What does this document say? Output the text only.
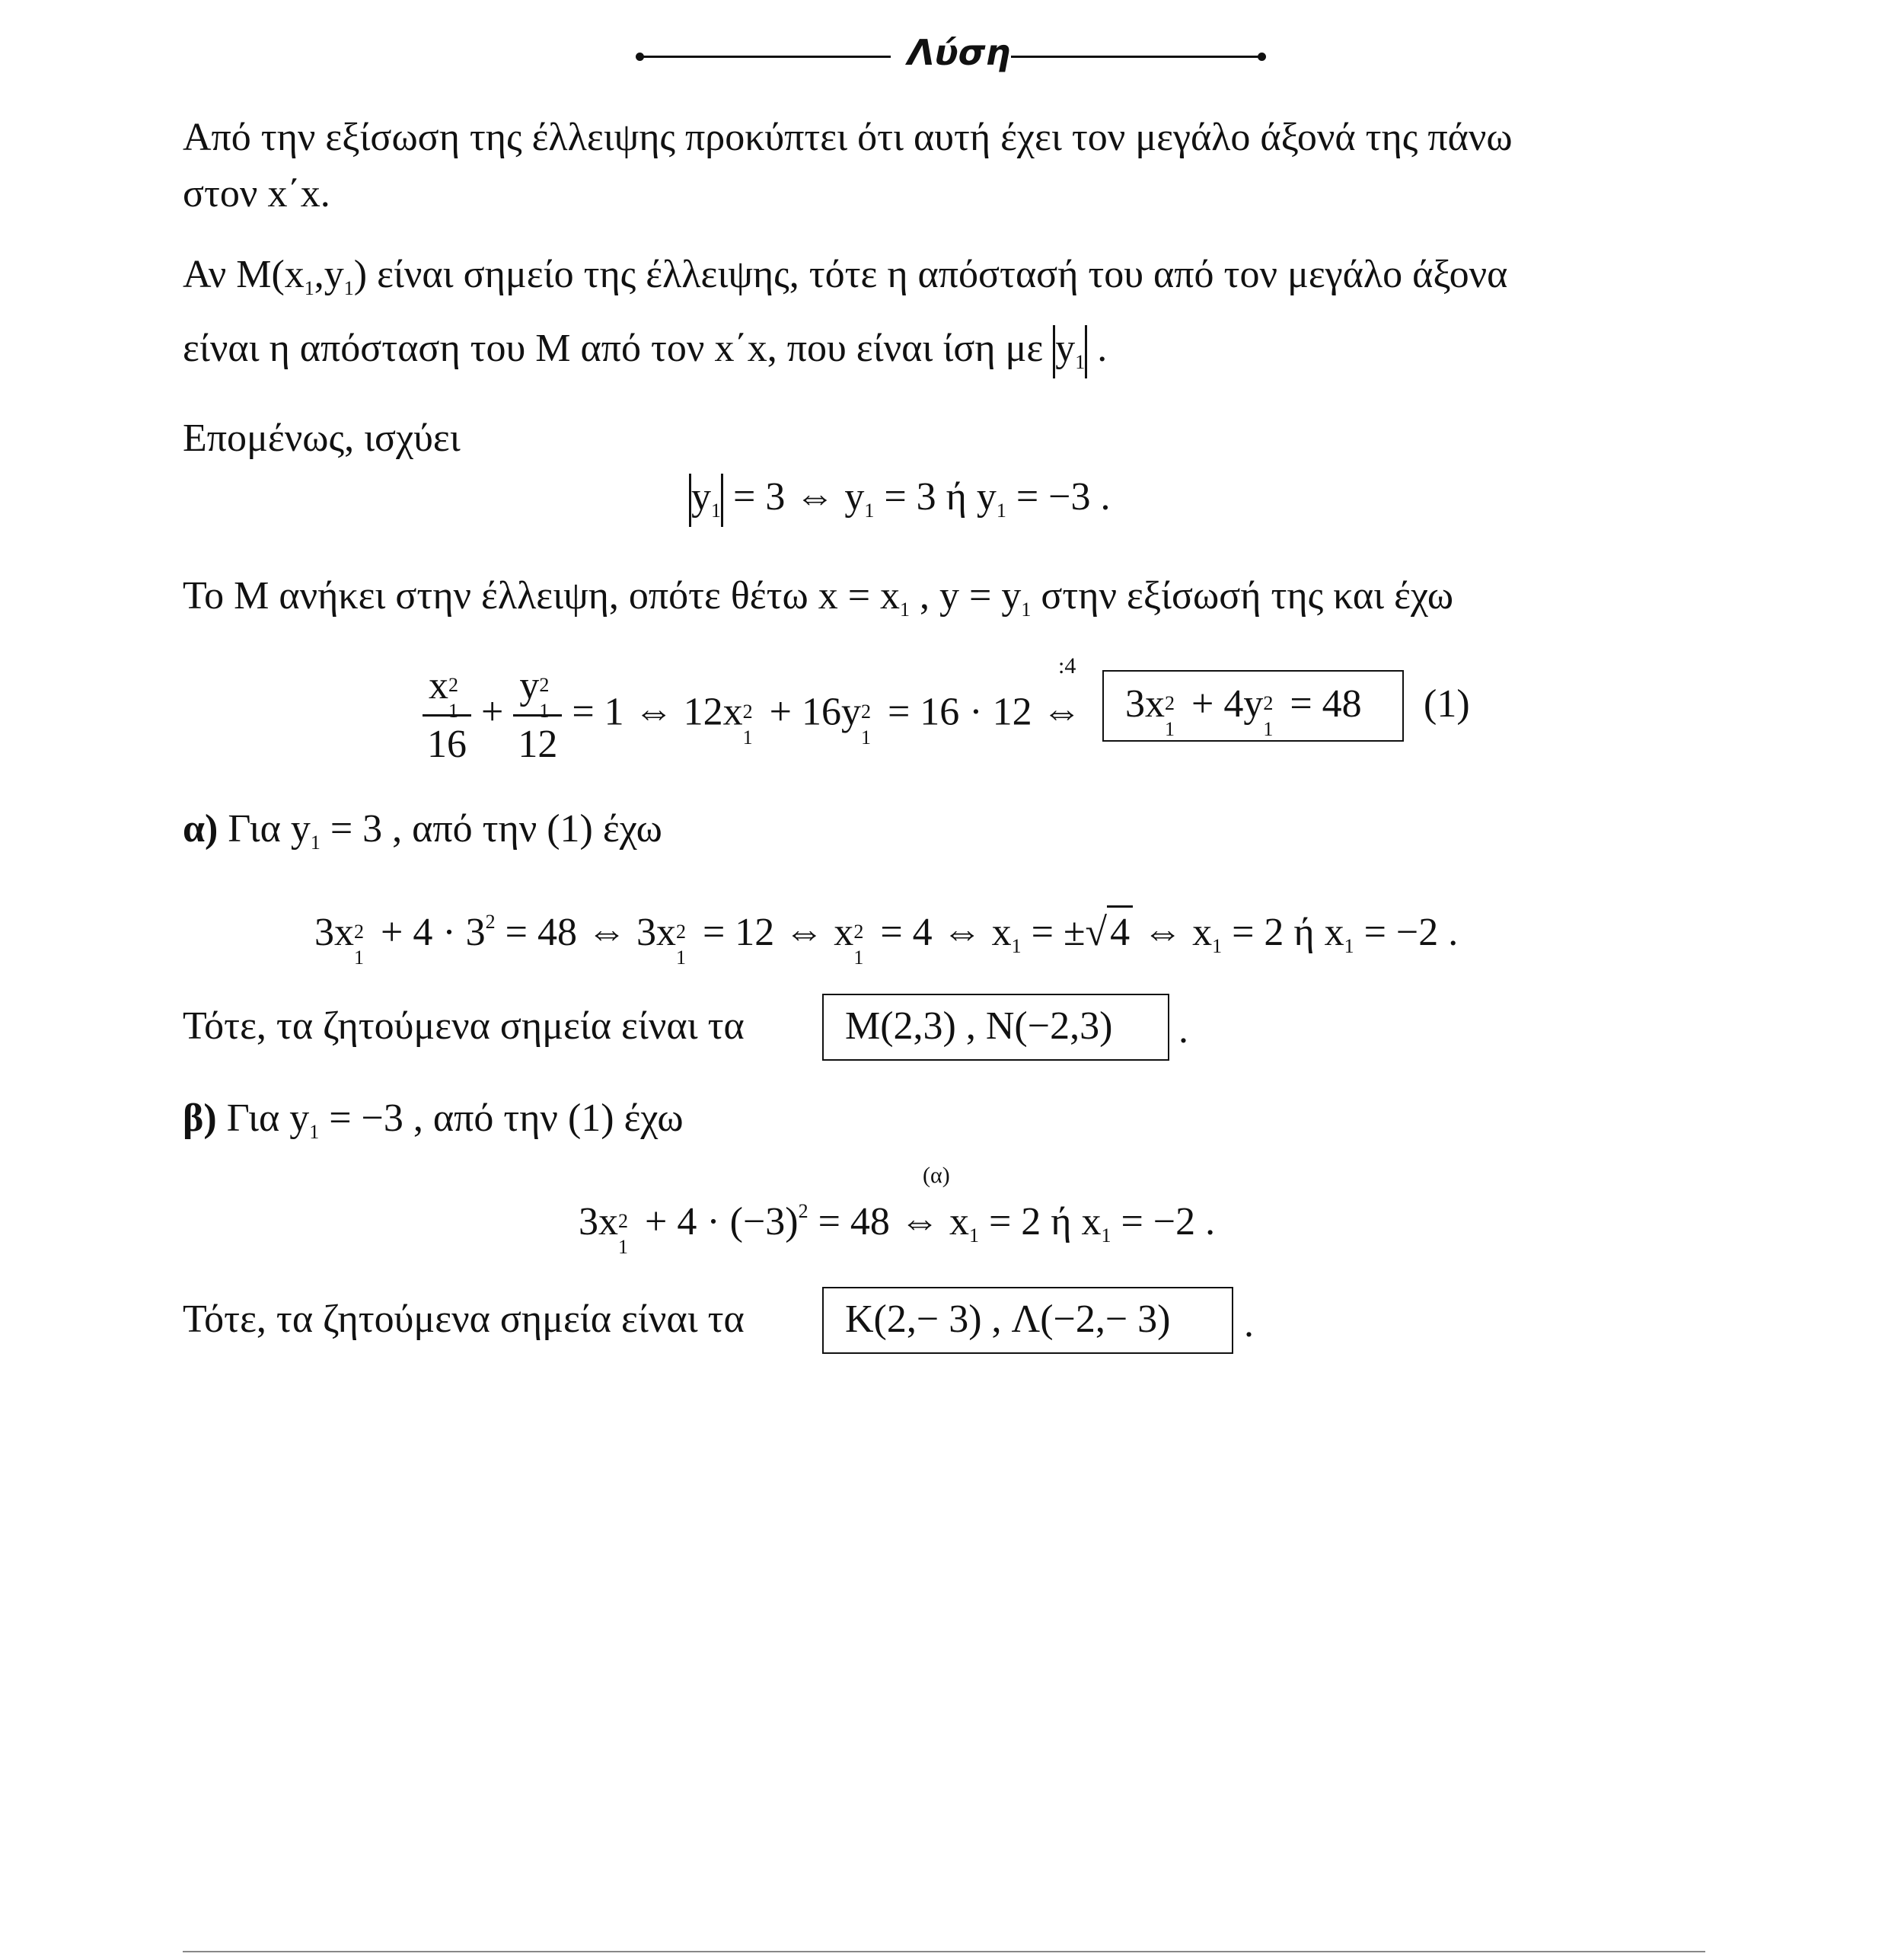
Λύση
Από την εξίσωση της έλλειψης προκύπτει ότι αυτή έχει τον μεγάλο άξονά της πάνω
στον x΄x.
Αν $M(x_1,y_1)$ είναι σημείο της έλλειψης, τότε η απόστασή του από τον μεγάλο άξονα
είναι η απόσταση του M από τον x΄x, που είναι ίση με $y_1$ .
Επομένως, ισχύει
$y_1 = 3$ ⇔ $y_1 = 3$ ή $y_1 = -3$ .
Το M ανήκει στην έλλειψη, οπότε θέτω $x = x_1$ , $y = y_1$ στην εξίσωσή της και έχω
x 2
1
16 + y 2
1
12 = 1 ⇔ 12x 2
1
+ 16y 2
1
= 16 · 12 ⇔
:4
3x 2
1
+ 4y 2
1
= 48 (1)
α) Για $y_1 = 3$ , από την (1) έχω
3x 2
1
+ $4 \cdot 3^2 = 48$ ⇔ 3x 2
1
= 12 ⇔ x 2
1
= 4 ⇔ $x_1 = \pm√4$ ⇔ $x_1 = 2$ ή $x_1 = -2$ .
Τότε, τα ζητούμενα σημεία είναι τα	M(2,3) , N(−2,3) .
β) Για $y_1 = -3$ , από την (1) έχω
(α)
3x 2
1
+ $4 \cdot (-3)^2 = 48$ ⇔ $x_1 = 2$ ή $x_1 = -2$ .
Τότε, τα ζητούμενα σημεία είναι τα	K(2,− 3) , Λ(−2,− 3) .
